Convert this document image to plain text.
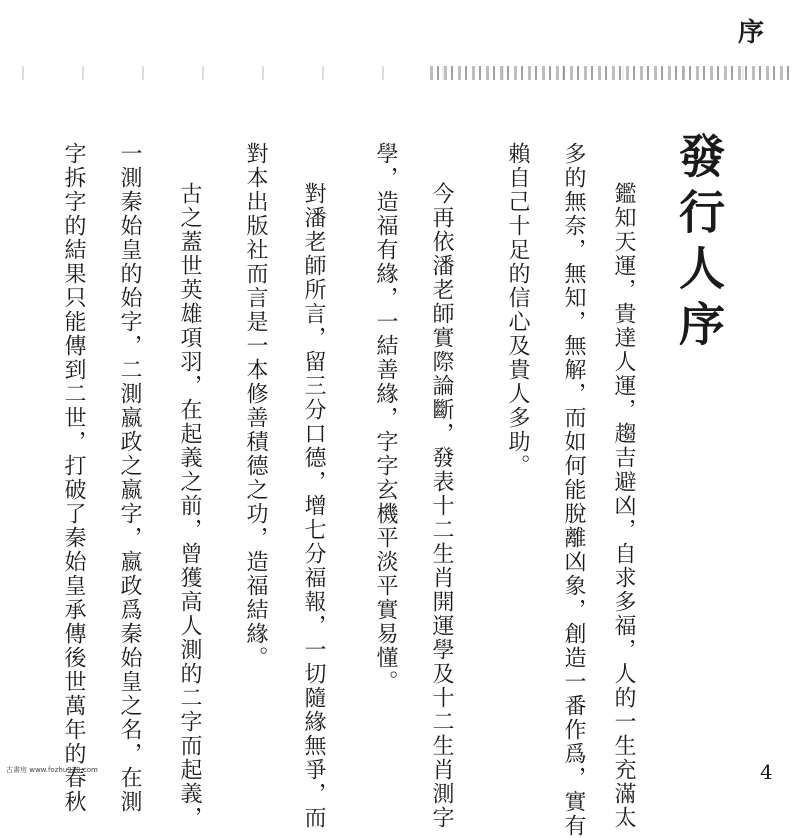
序
發行人序
鑑知天運，貴達人運，趨吉避凶，自求多福，人的一生充滿太
多的無奈，無知，無解，而如何能脫離凶象，創造一番作爲，實有
賴自己十足的信心及貴人多助。
今再依潘老師實際論斷，發表十二生肖開運學及十二生肖測字
學，造福有緣，一結善緣，字字玄機平淡平實易懂。
對潘老師所言，留三分口德，增七分福報，一切隨緣無爭，而
對本出版社而言是一本修善積德之功，造福結緣。
古之蓋世英雄項羽，在起義之前，曾獲高人測的二字而起義，
一測秦始皇的始字，二測嬴政之嬴字，嬴政爲秦始皇之名，在測
字拆字的結果只能傳到二世，打破了秦始皇承傳後世萬年的春秋
古書房 www.fozhu920.com	4
